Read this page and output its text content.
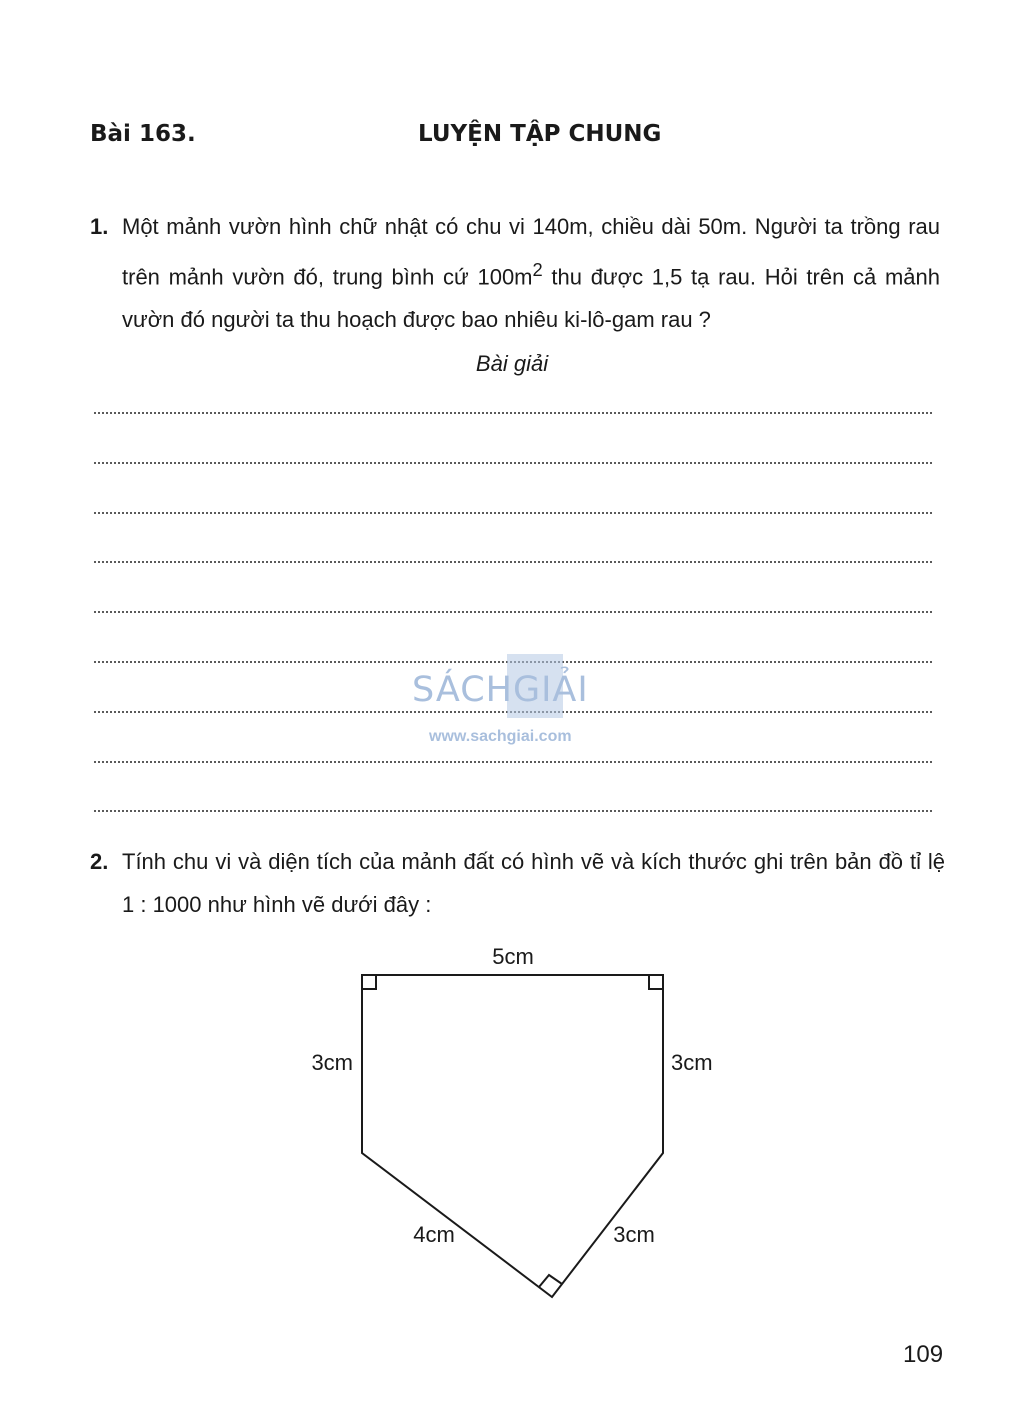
Bài 163.	LUYỆN TẬP CHUNG
1. Một mảnh vườn hình chữ nhật có chu vi 140m, chiều dài 50m. Người ta trồng rau trên mảnh vườn đó, trung bình cứ $100m^2$ thu được 1,5 tạ rau. Hỏi trên cả mảnh vườn đó người ta thu hoạch được bao nhiêu ki-lô-gam rau ?
Bài giải
SÁCHGIẢI
www.sachgiai.com
2. Tính chu vi và diện tích của mảnh đất có hình vẽ và kích thước ghi trên bản đồ tỉ lệ 1 : 1000 như hình vẽ dưới đây :
5cm
3cm	3cm
4cm	3cm
109
